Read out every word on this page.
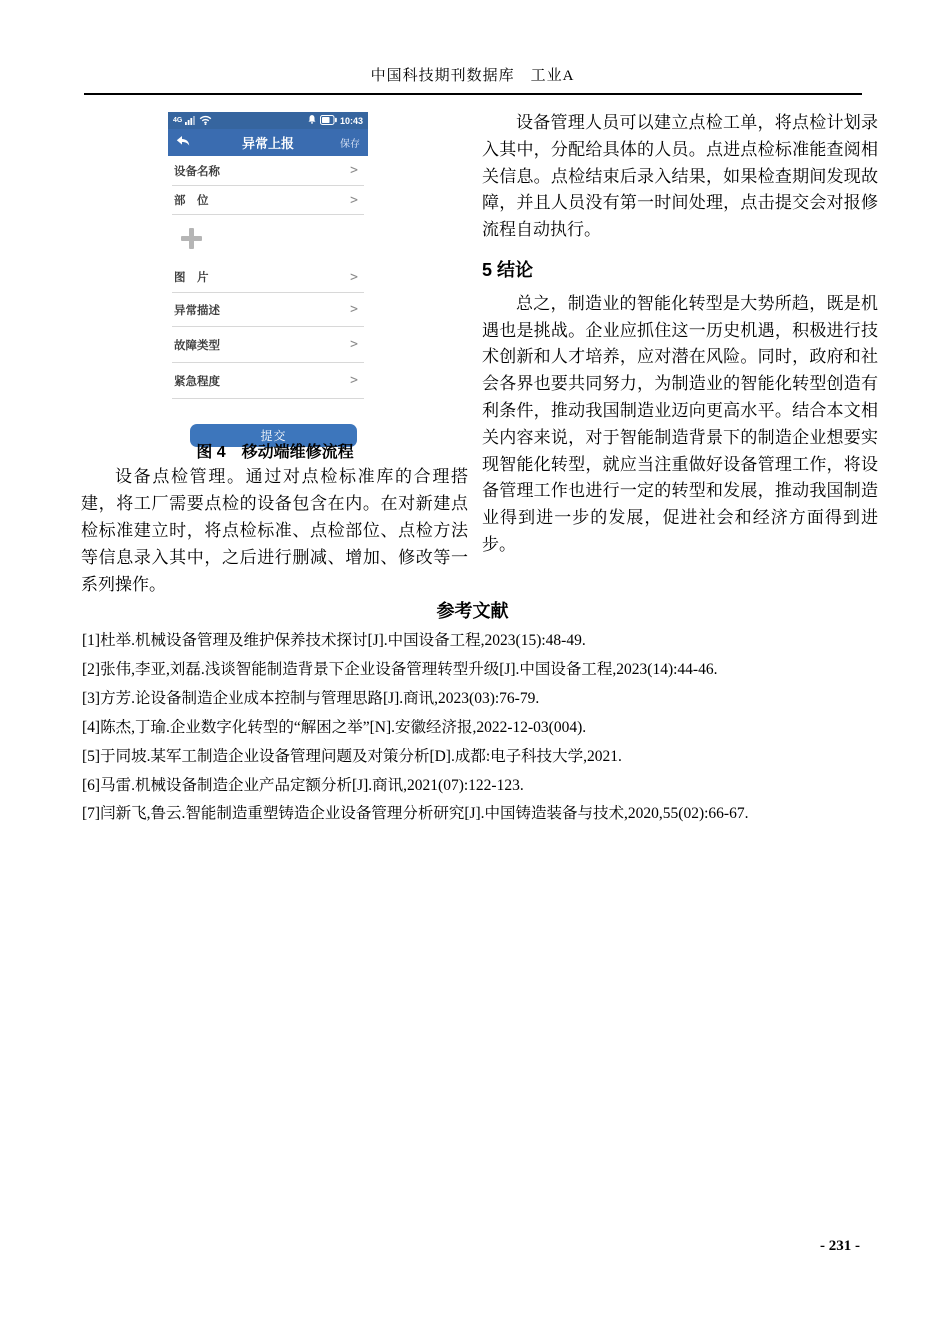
中国科技期刊数据库　工业A
4G	10:43
异常上报	保存
设备名称	>
部　位	>
图　片	>
异常描述	>
故障类型	>
紧急程度	>
提交
图 4　移动端维修流程

设备点检管理。通过对点检标准库的合理搭建，将工厂需要点检的设备包含在内。在对新建点检标准建立时，将点检标准、点检部位、点检方法等信息录入其中，之后进行删减、增加、修改等一系列操作。

设备管理人员可以建立点检工单，将点检计划录入其中，分配给具体的人员。点进点检标准能查阅相关信息。点检结束后录入结果，如果检查期间发现故障，并且人员没有第一时间处理，点击提交会对报修流程自动执行。

5 结论

总之，制造业的智能化转型是大势所趋，既是机遇也是挑战。企业应抓住这一历史机遇，积极进行技术创新和人才培养，应对潜在风险。同时，政府和社会各界也要共同努力，为制造业的智能化转型创造有利条件，推动我国制造业迈向更高水平。结合本文相关内容来说，对于智能制造背景下的制造企业想要实现智能化转型，就应当注重做好设备管理工作，将设备管理工作也进行一定的转型和发展，推动我国制造业得到进一步的发展，促进社会和经济方面得到进步。

参考文献
[1]杜举.机械设备管理及维护保养技术探讨[J].中国设备工程,2023(15):48-49.
[2]张伟,李亚,刘磊.浅谈智能制造背景下企业设备管理转型升级[J].中国设备工程,2023(14):44-46.
[3]方芳.论设备制造企业成本控制与管理思路[J].商讯,2023(03):76-79.
[4]陈杰,丁瑜.企业数字化转型的“解困之举”[N].安徽经济报,2022-12-03(004).
[5]于同坡.某军工制造企业设备管理问题及对策分析[D].成都:电子科技大学,2021.
[6]马雷.机械设备制造企业产品定额分析[J].商讯,2021(07):122-123.
[7]闫新飞,鲁云.智能制造重塑铸造企业设备管理分析研究[J].中国铸造装备与技术,2020,55(02):66-67.
- 231 -
